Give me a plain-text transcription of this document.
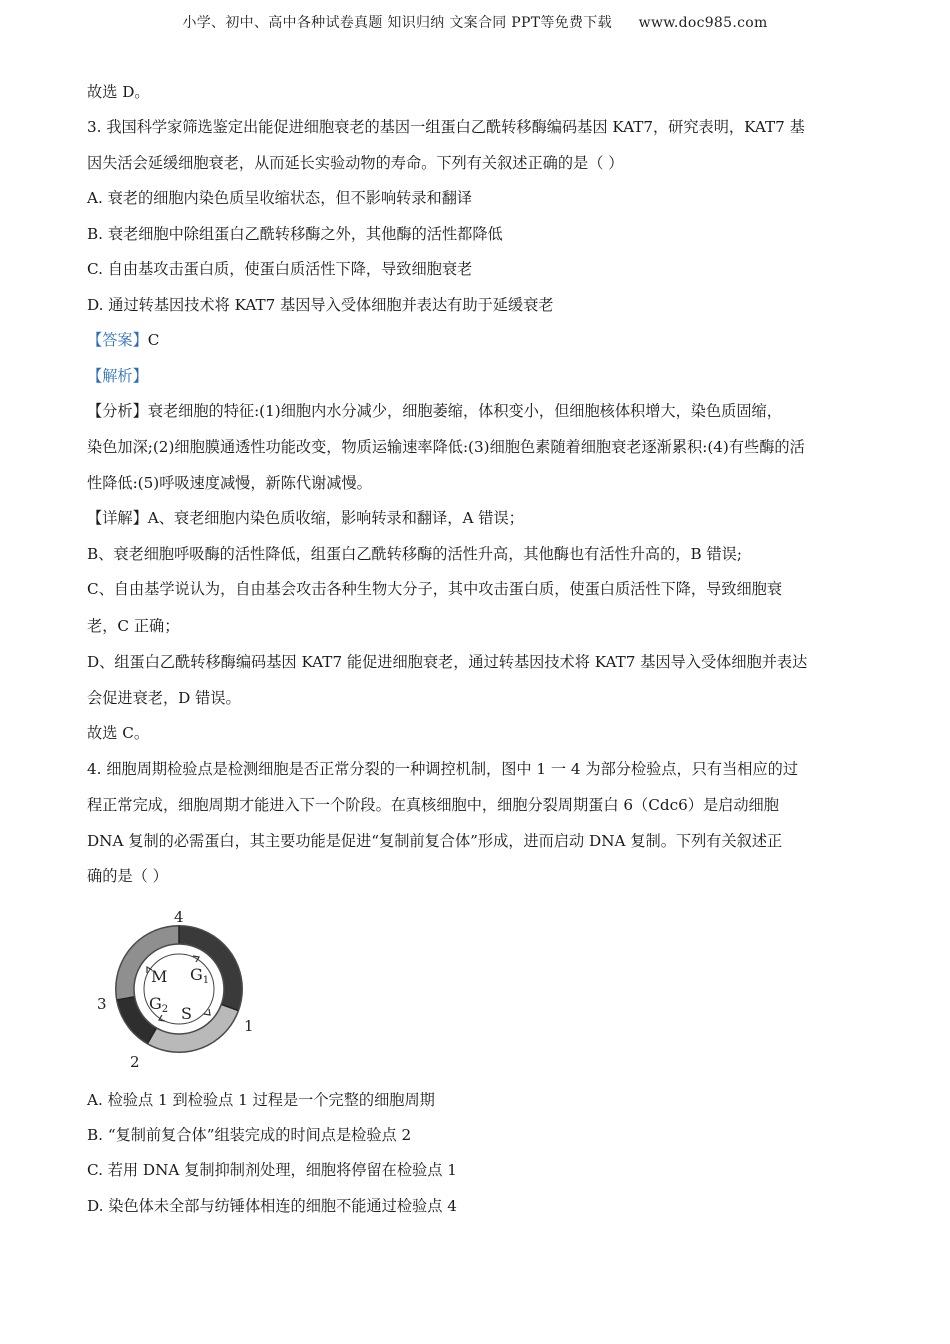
小学、初中、高中各种试卷真题 知识归纳 文案合同 PPT等免费下载 www.doc985.com
故选 D。
3. 我国科学家筛选鉴定出能促进细胞衰老的基因一组蛋白乙酰转移酶编码基因 KAT7，研究表明，KAT7 基
因失活会延缓细胞衰老，从而延长实验动物的寿命。下列有关叙述正确的是（ ）
A. 衰老的细胞内染色质呈收缩状态，但不影响转录和翻译
B. 衰老细胞中除组蛋白乙酰转移酶之外，其他酶的活性都降低
C. 自由基攻击蛋白质，使蛋白质活性下降，导致细胞衰老
D. 通过转基因技术将 KAT7 基因导入受体细胞并表达有助于延缓衰老
【答案】C
【解析】
【分析】衰老细胞的特征:(1)细胞内水分减少，细胞萎缩，体积变小，但细胞核体积增大，染色质固缩，
染色加深;(2)细胞膜通透性功能改变，物质运输速率降低:(3)细胞色素随着细胞衰老逐渐累积:(4)有些酶的活
性降低:(5)呼吸速度减慢，新陈代谢减慢。
【详解】A、衰老细胞内染色质收缩，影响转录和翻译，A 错误；
B、衰老细胞呼吸酶的活性降低，组蛋白乙酰转移酶的活性升高，其他酶也有活性升高的，B 错误;
C、自由基学说认为，自由基会攻击各种生物大分子，其中攻击蛋白质，使蛋白质活性下降，导致细胞衰
老，C 正确；
D、组蛋白乙酰转移酶编码基因 KAT7 能促进细胞衰老，通过转基因技术将 KAT7 基因导入受体细胞并表达
会促进衰老，D 错误。
故选 C。
4. 细胞周期检验点是检测细胞是否正常分裂的一种调控机制，图中 1 一 4 为部分检验点，只有当相应的过
程正常完成，细胞周期才能进入下一个阶段。在真核细胞中，细胞分裂周期蛋白 6（Cdc6）是启动细胞
DNA 复制的必需蛋白，其主要功能是促进“复制前复合体”形成，进而启动 DNA 复制。下列有关叙述正
确的是（ ）
M G1
G2 S
4
1
2
3
A. 检验点 1 到检验点 1 过程是一个完整的细胞周期
B. “复制前复合体”组装完成的时间点是检验点 2
C. 若用 DNA 复制抑制剂处理，细胞将停留在检验点 1
D. 染色体未全部与纺锤体相连的细胞不能通过检验点 4
